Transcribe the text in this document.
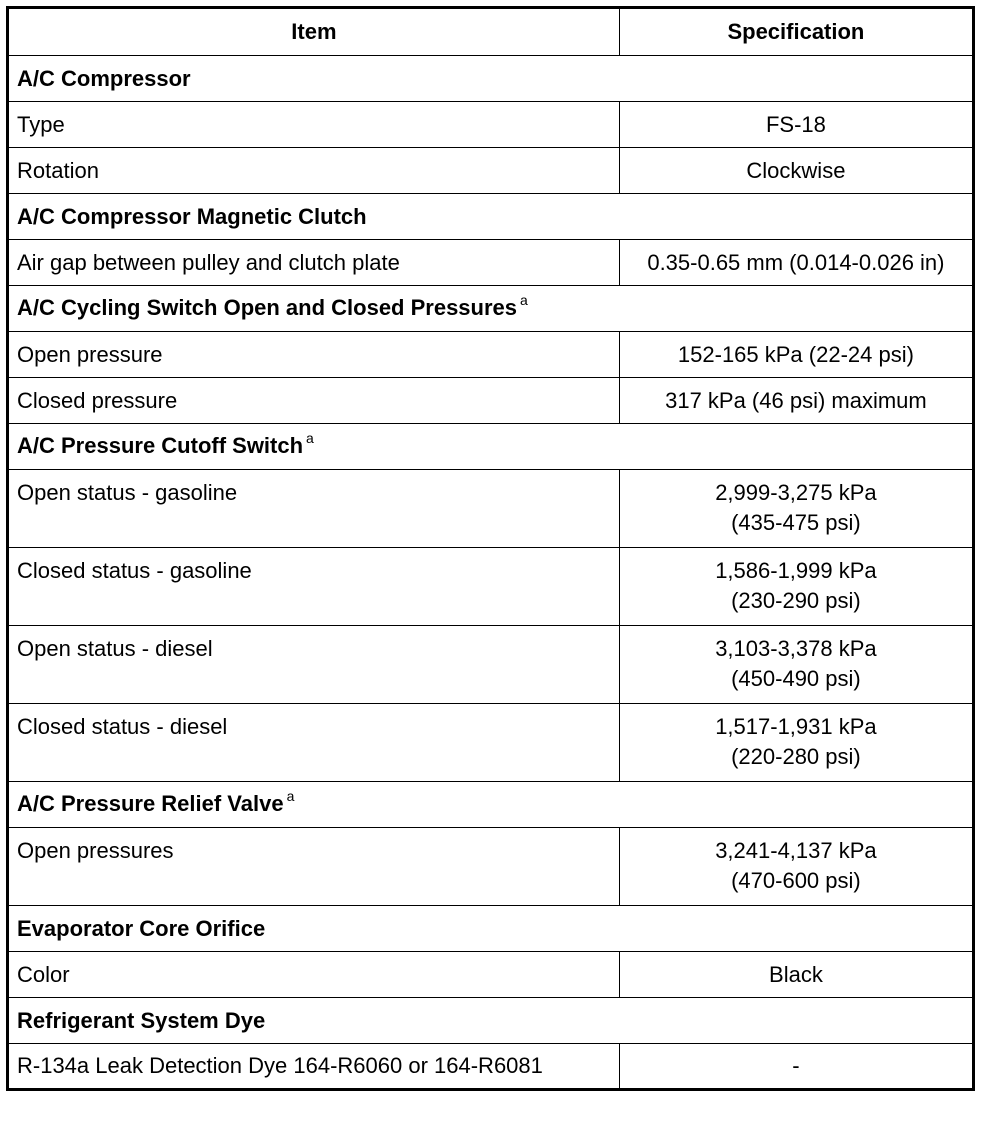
Item	Specification
A/C Compressor	
Type	FS-18

Rotation	Clockwise

A/C Compressor Magnetic Clutch	
Air gap between pulley and clutch plate	0.35-0.65 mm (0.014-0.026 in)

A/C Cycling Switch Open and Closed Pressures $^a$
Open pressure	152-165 kPa (22-24 psi)

Closed pressure	317 kPa (46 psi) maximum

A/C Pressure Cutoff Switch $^a$
Open status - gasoline	2,999-3,275 kPa
(435-475 psi)

Closed status - gasoline	1,586-1,999 kPa
(230-290 psi)

Open status - diesel	3,103-3,378 kPa
(450-490 psi)

Closed status - diesel	1,517-1,931 kPa
(220-280 psi)

A/C Pressure Relief Valve $^a$
Open pressures	3,241-4,137 kPa
(470-600 psi)

Evaporator Core Orifice	
Color	Black

Refrigerant System Dye	
R-134a Leak Detection Dye 164-R6060 or 164-R6081	-
